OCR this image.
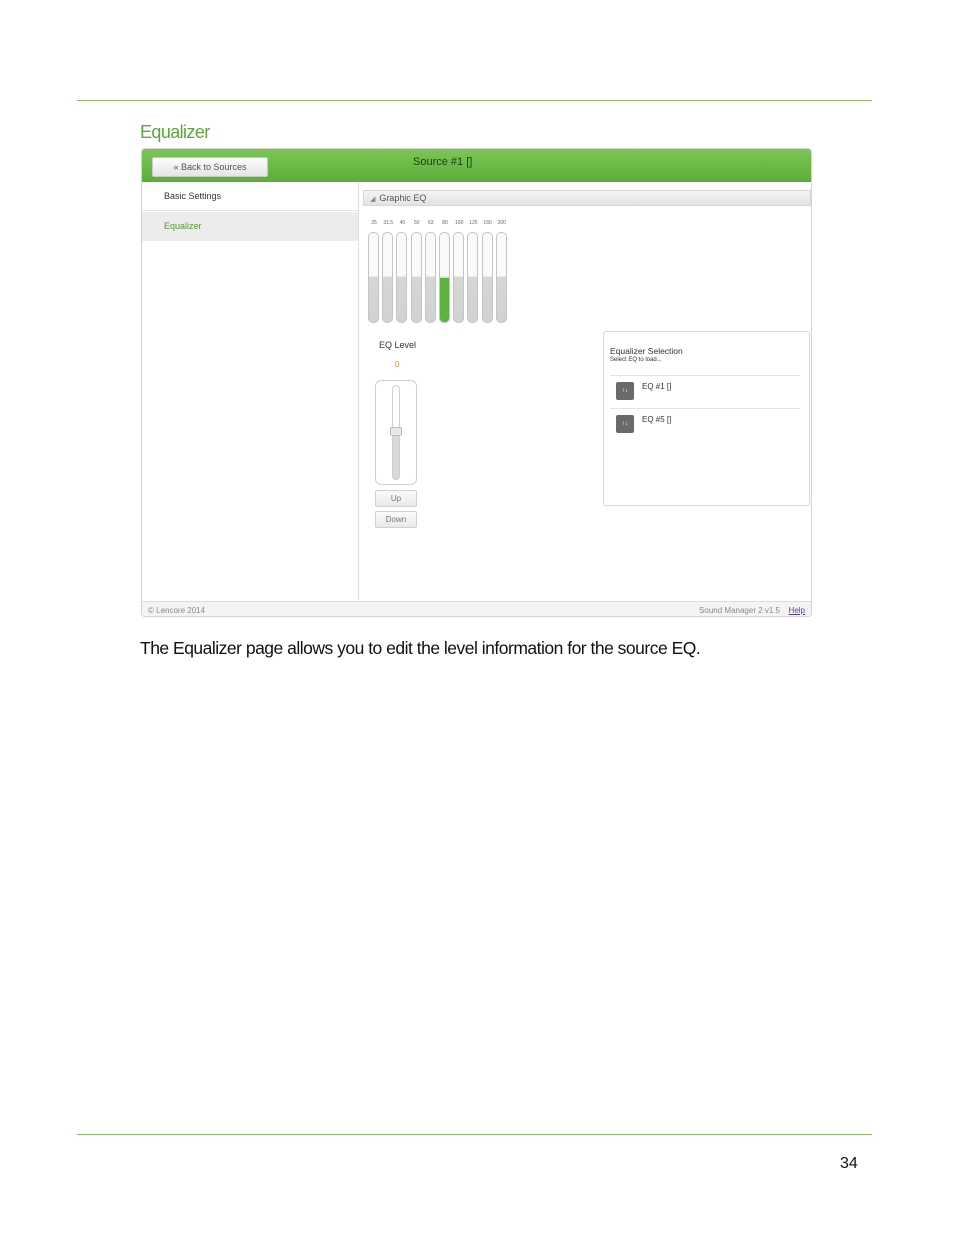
Equalizer
« Back to Sources	Source #1 []
Basic Settings
Equalizer
◢ Graphic EQ
25	31.5	40	50	63	80	100	125	160	200
EQ Level
0
Up
Down
Equalizer Selection
Select EQ to load...
↑↓	EQ #1 []
↑↓	EQ #5 []
© Lencore 2014	Sound Manager 2 v1.5 Help
The Equalizer page allows you to edit the level information for the source EQ.
34
